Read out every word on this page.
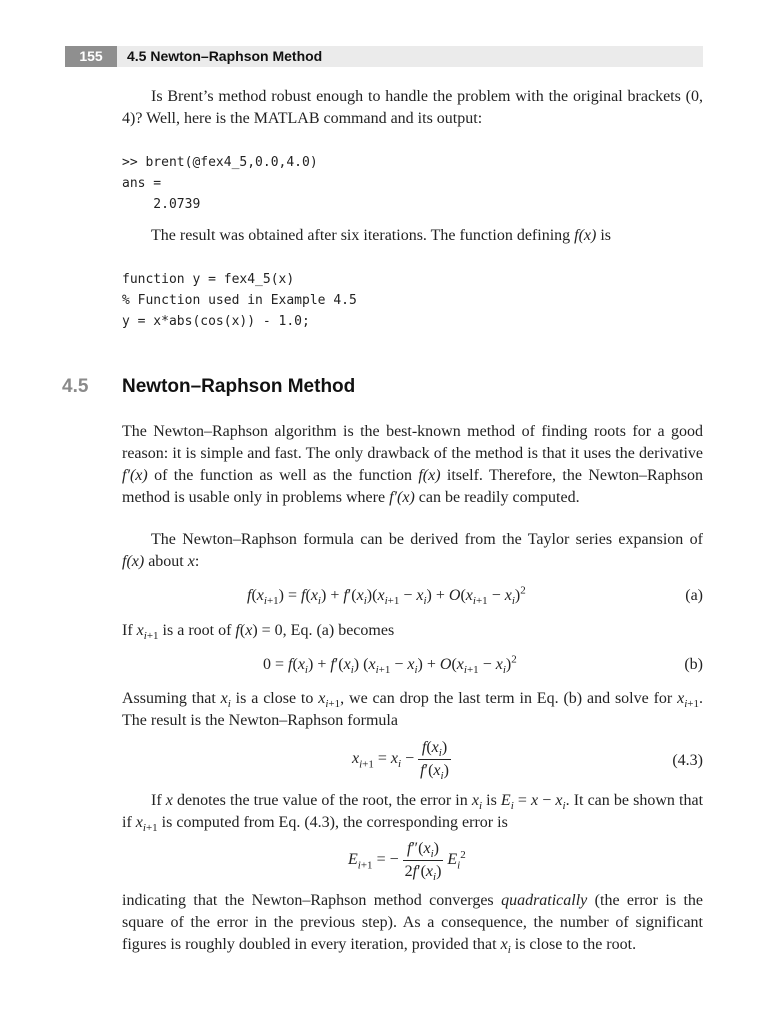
155	4.5 Newton–Raphson Method

Is Brent’s method robust enough to handle the problem with the original brackets (0, 4)? Well, here is the MATLAB command and its output:

>> brent(@fex4_5,0.0,4.0)
ans =
2.0739

The result was obtained after six iterations. The function defining f(x) is

function y = fex4_5(x)
% Function used in Example 4.5
y = x*abs(cos(x)) - 1.0;
4.5 Newton–Raphson Method

The Newton–Raphson algorithm is the best-known method of finding roots for a good reason: it is simple and fast. The only drawback of the method is that it uses the derivative f′(x) of the function as well as the function f(x) itself. Therefore, the Newton–Raphson method is usable only in problems where f′(x) can be readily computed.

The Newton–Raphson formula can be derived from the Taylor series expansion of f(x) about x:

$f(x_{i+1}) = f(x_i) + f'(x_i)(x_{i+1} - x_i) + O(x_{i+1} - x_i)^2$	(a)

If $x_{i+1}$ is a root of f(x) = 0, Eq. (a) becomes

$0 = f(x_i) + f'(x_i) (x_{i+1} - x_i) + O(x_{i+1} - x_i)^2$	(b)

Assuming that $x_i$ is a close to $x_{i+1}$, we can drop the last term in Eq. (b) and solve for $x_{i+1}$. The result is the Newton–Raphson formula

$x_{i+1} = x_i - \frac{f(x_i)}{f'(x_i)}$	(4.3)

If x denotes the true value of the root, the error in $x_i$ is $E_i = x - x_i$. It can be shown that if $x_{i+1}$ is computed from Eq. (4.3), the corresponding error is

$E_{i+1}$ = − $\frac{f''(x_i)}{2f'(x_i)} E_i^2$

indicating that the Newton–Raphson method converges quadratically (the error is the square of the error in the previous step). As a consequence, the number of significant figures is roughly doubled in every iteration, provided that $x_i$ is close to the root.
